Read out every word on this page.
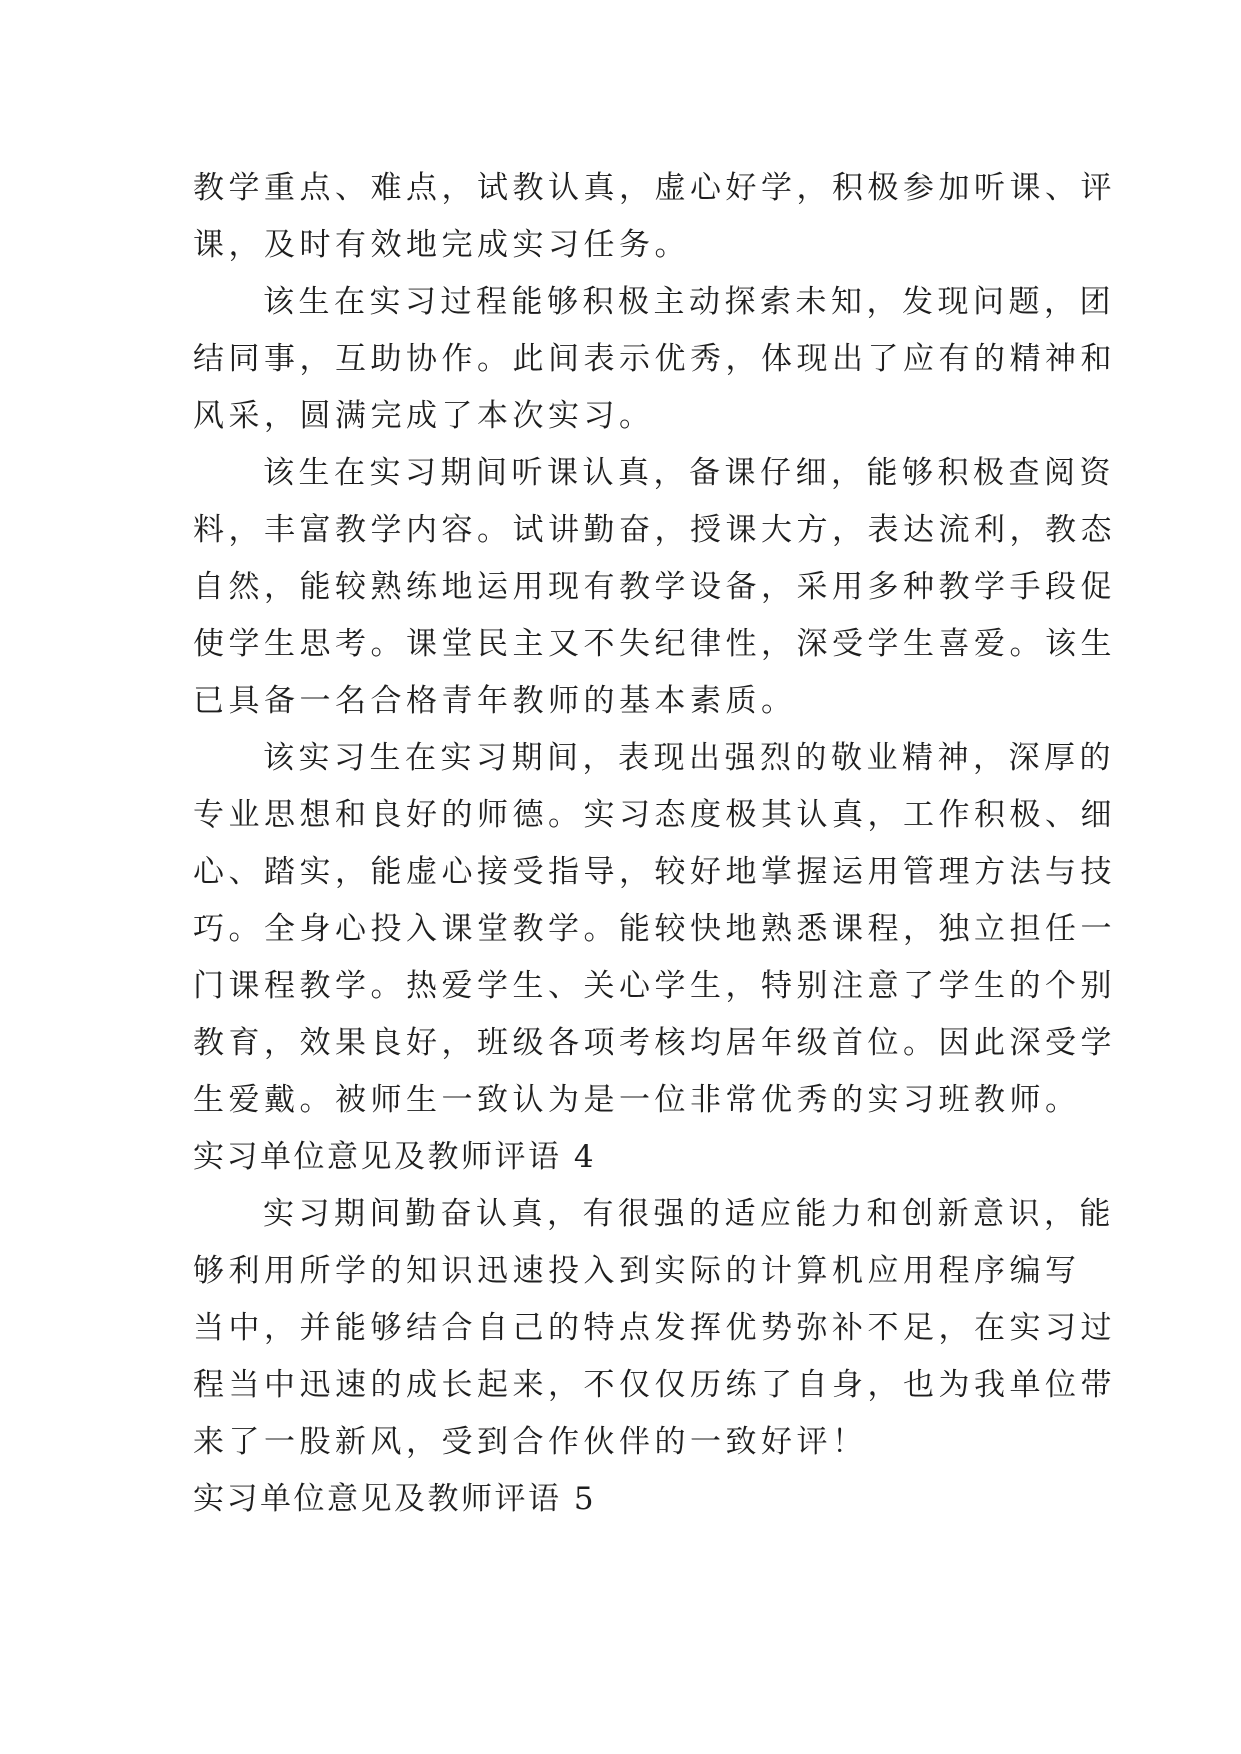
教学重点、难点，试教认真，虚心好学，积极参加听课、评
课，及时有效地完成实习任务。
该生在实习过程能够积极主动探索未知，发现问题，团
结同事，互助协作。此间表示优秀，体现出了应有的精神和
风采，圆满完成了本次实习。
该生在实习期间听课认真，备课仔细，能够积极查阅资
料，丰富教学内容。试讲勤奋，授课大方，表达流利，教态
自然，能较熟练地运用现有教学设备，采用多种教学手段促
使学生思考。课堂民主又不失纪律性，深受学生喜爱。该生
已具备一名合格青年教师的基本素质。
该实习生在实习期间，表现出强烈的敬业精神，深厚的
专业思想和良好的师德。实习态度极其认真，工作积极、细
心、踏实，能虚心接受指导，较好地掌握运用管理方法与技
巧。全身心投入课堂教学。能较快地熟悉课程，独立担任一
门课程教学。热爱学生、关心学生，特别注意了学生的个别
教育，效果良好，班级各项考核均居年级首位。因此深受学
生爱戴。被师生一致认为是一位非常优秀的实习班教师。
实习单位意见及教师评语 4
实习期间勤奋认真，有很强的适应能力和创新意识，能
够利用所学的知识迅速投入到实际的计算机应用程序编写
当中，并能够结合自己的特点发挥优势弥补不足，在实习过
程当中迅速的成长起来，不仅仅历练了自身，也为我单位带
来了一股新风，受到合作伙伴的一致好评！
实习单位意见及教师评语 5
